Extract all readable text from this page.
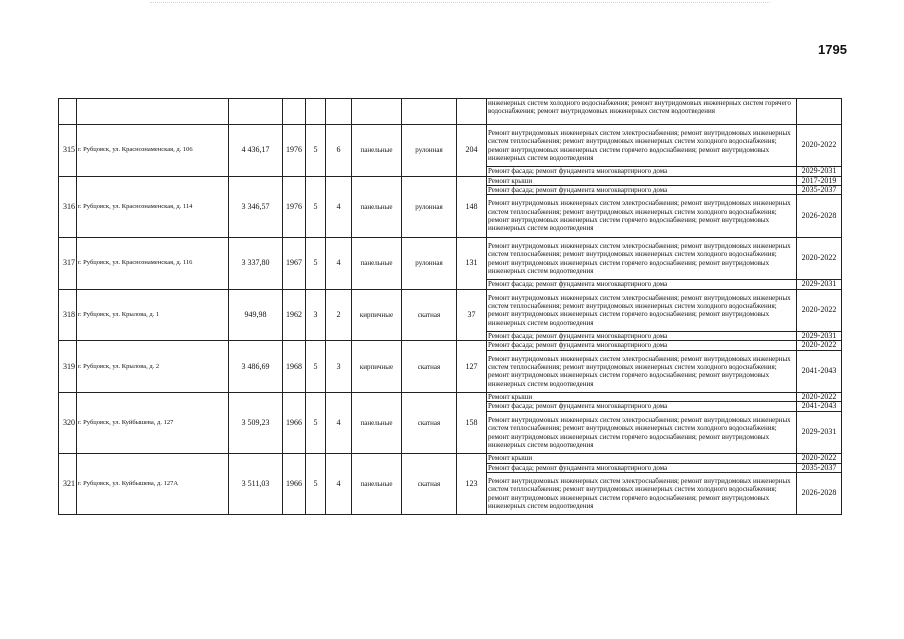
1795
									инженерных систем холодного водоснабжения; ремонт внутридомовых инженерных систем горячего водоснабжения; ремонт внутридомовых инженерных систем водоотведения	
315	г. Рубцовск, ул. Краснознаменская, д. 106	4 436,17	1976	5	6	панельные	рулонная	204	Ремонт внутридомовых инженерных систем электроснабжения; ремонт внутридомовых инженерных систем теплоснабжения; ремонт внутридомовых инженерных систем холодного водоснабжения; ремонт внутридомовых инженерных систем горячего водоснабжения; ремонт внутридомовых инженерных систем водоотведения	2020-2022
									Ремонт фасада; ремонт фундамента многоквартирного дома	2029-2031
316	г. Рубцовск, ул. Краснознаменская, д. 114	3 346,57	1976	5	4	панельные	рулонная	148	Ремонт крыши	2017-2019
									Ремонт фасада; ремонт фундамента многоквартирного дома	2035-2037
									Ремонт внутридомовых инженерных систем электроснабжения; ремонт внутридомовых инженерных систем теплоснабжения; ремонт внутридомовых инженерных систем холодного водоснабжения; ремонт внутридомовых инженерных систем горячего водоснабжения; ремонт внутридомовых инженерных систем водоотведения	2026-2028
317	г. Рубцовск, ул. Краснознаменская, д. 116	3 337,80	1967	5	4	панельные	рулонная	131	Ремонт внутридомовых инженерных систем электроснабжения; ремонт внутридомовых инженерных систем теплоснабжения; ремонт внутридомовых инженерных систем холодного водоснабжения; ремонт внутридомовых инженерных систем горячего водоснабжения; ремонт внутридомовых инженерных систем водоотведения	2020-2022
									Ремонт фасада; ремонт фундамента многоквартирного дома	2029-2031
318	г. Рубцовск, ул. Крылова, д. 1	949,98	1962	3	2	кирпичные	скатная	37	Ремонт внутридомовых инженерных систем электроснабжения; ремонт внутридомовых инженерных систем теплоснабжения; ремонт внутридомовых инженерных систем холодного водоснабжения; ремонт внутридомовых инженерных систем горячего водоснабжения; ремонт внутридомовых инженерных систем водоотведения	2020-2022
									Ремонт фасада; ремонт фундамента многоквартирного дома	2029-2031
319	г. Рубцовск, ул. Крылова, д. 2	3 486,69	1968	5	3	кирпичные	скатная	127	Ремонт фасада; ремонт фундамента многоквартирного дома	2020-2022
									Ремонт внутридомовых инженерных систем электроснабжения; ремонт внутридомовых инженерных систем теплоснабжения; ремонт внутридомовых инженерных систем холодного водоснабжения; ремонт внутридомовых инженерных систем горячего водоснабжения; ремонт внутридомовых инженерных систем водоотведения	2041-2043
320	г. Рубцовск, ул. Куйбышева, д. 127	3 509,23	1966	5	4	панельные	скатная	158	Ремонт крыши	2020-2022
									Ремонт фасада; ремонт фундамента многоквартирного дома	2041-2043
									Ремонт внутридомовых инженерных систем электроснабжения; ремонт внутридомовых инженерных систем теплоснабжения; ремонт внутридомовых инженерных систем холодного водоснабжения; ремонт внутридомовых инженерных систем горячего водоснабжения; ремонт внутридомовых инженерных систем водоотведения	2029-2031
321	г. Рубцовск, ул. Куйбышева, д. 127А	3 511,03	1966	5	4	панельные	скатная	123	Ремонт крыши	2020-2022
									Ремонт фасада; ремонт фундамента многоквартирного дома	2035-2037
									Ремонт внутридомовых инженерных систем электроснабжения; ремонт внутридомовых инженерных систем теплоснабжения; ремонт внутридомовых инженерных систем холодного водоснабжения; ремонт внутридомовых инженерных систем горячего водоснабжения; ремонт внутридомовых инженерных систем водоотведения	2026-2028
